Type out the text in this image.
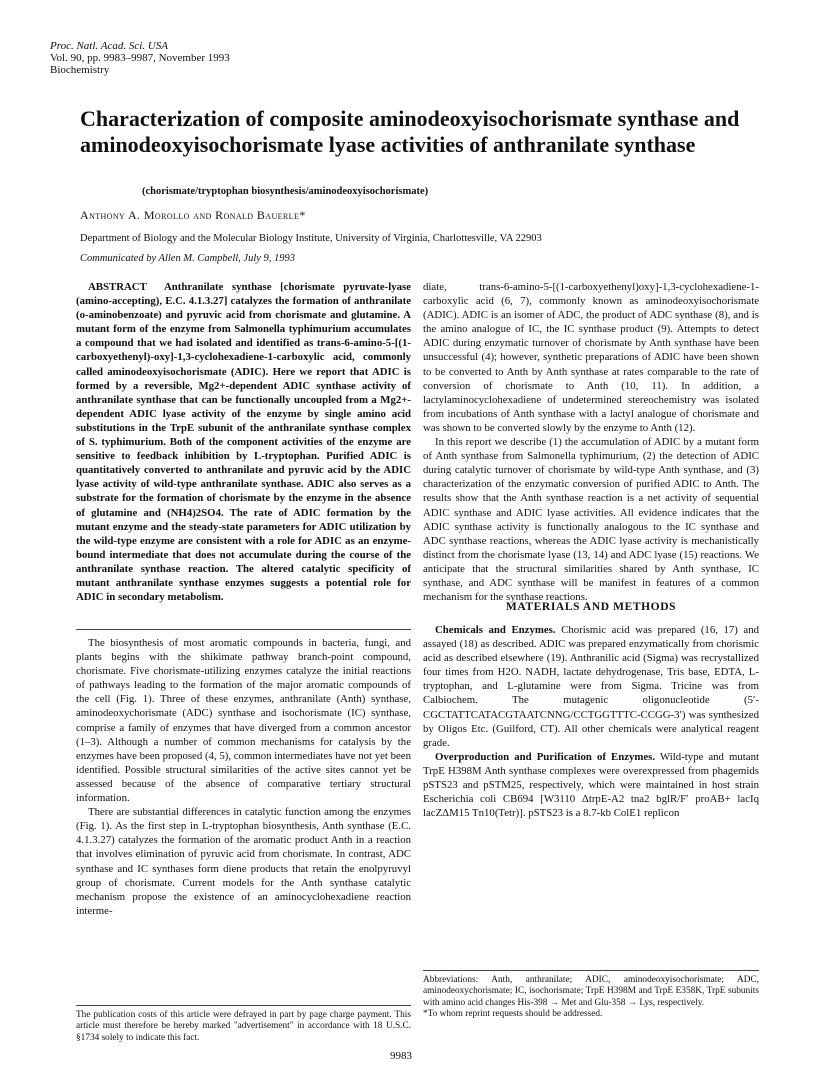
Proc. Natl. Acad. Sci. USA
Vol. 90, pp. 9983–9987, November 1993
Biochemistry
Characterization of composite aminodeoxyisochorismate synthase and aminodeoxyisochorismate lyase activities of anthranilate synthase
(chorismate/tryptophan biosynthesis/aminodeoxyisochorismate)
Anthony A. Morollo and Ronald Bauerle*
Department of Biology and the Molecular Biology Institute, University of Virginia, Charlottesville, VA 22903
Communicated by Allen M. Campbell, July 9, 1993
ABSTRACT Anthranilate synthase [chorismate pyruvate-lyase (amino-accepting), E.C. 4.1.3.27] catalyzes the formation of anthranilate (o-aminobenzoate) and pyruvic acid from chorismate and glutamine. A mutant form of the enzyme from Salmonella typhimurium accumulates a compound that we had isolated and identified as trans-6-amino-5-[(1-carboxyethenyl)-oxy]-1,3-cyclohexadiene-1-carboxylic acid, commonly called aminodeoxyisochorismate (ADIC). Here we report that ADIC is formed by a reversible, Mg2+-dependent ADIC synthase activity of anthranilate synthase that can be functionally uncoupled from a Mg2+-dependent ADIC lyase activity of the enzyme by single amino acid substitutions in the TrpE subunit of the anthranilate synthase complex of S. typhimurium. Both of the component activities of the enzyme are sensitive to feedback inhibition by L-tryptophan. Purified ADIC is quantitatively converted to anthranilate and pyruvic acid by the ADIC lyase activity of wild-type anthranilate synthase. ADIC also serves as a substrate for the formation of chorismate by the enzyme in the absence of glutamine and (NH4)2SO4. The rate of ADIC formation by the mutant enzyme and the steady-state parameters for ADIC utilization by the wild-type enzyme are consistent with a role for ADIC as an enzyme-bound intermediate that does not accumulate during the course of the anthranilate synthase reaction. The altered catalytic specificity of mutant anthranilate synthase enzymes suggests a potential role for ADIC in secondary metabolism.

The biosynthesis of most aromatic compounds in bacteria, fungi, and plants begins with the shikimate pathway branch-point compound, chorismate. Five chorismate-utilizing enzymes catalyze the initial reactions of pathways leading to the formation of the major aromatic compounds of the cell (Fig. 1). Three of these enzymes, anthranilate (Anth) synthase, aminodeoxychorismate (ADC) synthase and isochorismate (IC) synthase, comprise a family of enzymes that have diverged from a common ancestor (1–3). Although a number of common mechanisms for catalysis by the enzymes have been proposed (4, 5), common intermediates have not yet been identified. Possible structural similarities of the active sites cannot yet be assessed because of the absence of comparative tertiary structural information.

There are substantial differences in catalytic function among the enzymes (Fig. 1). As the first step in L-tryptophan biosynthesis, Anth synthase (E.C. 4.1.3.27) catalyzes the formation of the aromatic product Anth in a reaction that involves elimination of pyruvic acid from chorismate. In contrast, ADC synthase and IC synthases form diene products that retain the enolpyruvyl group of chorismate. Current models for the Anth synthase catalytic mechanism propose the existence of an aminocyclohexadiene reaction interme-

The publication costs of this article were defrayed in part by page charge payment. This article must therefore be hereby marked "advertisement" in accordance with 18 U.S.C. §1734 solely to indicate this fact.

diate, trans-6-amino-5-[(1-carboxyethenyl)oxy]-1,3-cyclohexadiene-1-carboxylic acid (6, 7), commonly known as aminodeoxyisochorismate (ADIC). ADIC is an isomer of ADC, the product of ADC synthase (8), and is the amino analogue of IC, the IC synthase product (9). Attempts to detect ADIC during enzymatic turnover of chorismate by Anth synthase have been unsuccessful (4); however, synthetic preparations of ADIC have been shown to be converted to Anth by Anth synthase at rates comparable to the rate of conversion of chorismate to Anth (10, 11). In addition, a lactylaminocyclohexadiene of undetermined stereochemistry was isolated from incubations of Anth synthase with a lactyl analogue of chorismate and was shown to be converted slowly by the enzyme to Anth (12).

In this report we describe (1) the accumulation of ADIC by a mutant form of Anth synthase from Salmonella typhimurium, (2) the detection of ADIC during catalytic turnover of chorismate by wild-type Anth synthase, and (3) characterization of the enzymatic conversion of purified ADIC to Anth. The results show that the Anth synthase reaction is a net activity of sequential ADIC synthase and ADIC lyase activities. All evidence indicates that the ADIC synthase activity is functionally analogous to the IC synthase and ADC synthase reactions, whereas the ADIC lyase activity is mechanistically distinct from the chorismate lyase (13, 14) and ADC lyase (15) reactions. We anticipate that the structural similarities shared by Anth synthase, IC synthase, and ADC synthase will be manifest in features of a common mechanism for the synthase reactions.

MATERIALS AND METHODS

Chemicals and Enzymes. Chorismic acid was prepared (16, 17) and assayed (18) as described. ADIC was prepared enzymatically from chorismic acid as described elsewhere (19). Anthranilic acid (Sigma) was recrystallized four times from H2O. NADH, lactate dehydrogenase, Tris base, EDTA, L-tryptophan, and L-glutamine were from Sigma. Tricine was from Calbiochem. The mutagenic oligonucleotide (5′-CGCTATTCATACGTAATCNNG/CCTGGTTTC-CCGG-3′) was synthesized by Oligos Etc. (Guilford, CT). All other chemicals were analytical reagent grade.

Overproduction and Purification of Enzymes. Wild-type and mutant TrpE H398M Anth synthase complexes were overexpressed from phagemids pSTS23 and pSTM25, respectively, which were maintained in host strain Escherichia coli CB694 [W3110 ΔtrpE-A2 tna2 bglR/F′ proAB+ lacIq lacZΔM15 Tn10(Tetr)]. pSTS23 is a 8.7-kb ColE1 replicon

Abbreviations: Anth, anthranilate; ADIC, aminodeoxyisochorismate; ADC, aminodeoxychorismate; IC, isochorismate; TrpE H398M and TrpE E358K, TrpE subunits with amino acid changes His-398 → Met and Glu-358 → Lys, respectively.
*To whom reprint requests should be addressed.
9983
